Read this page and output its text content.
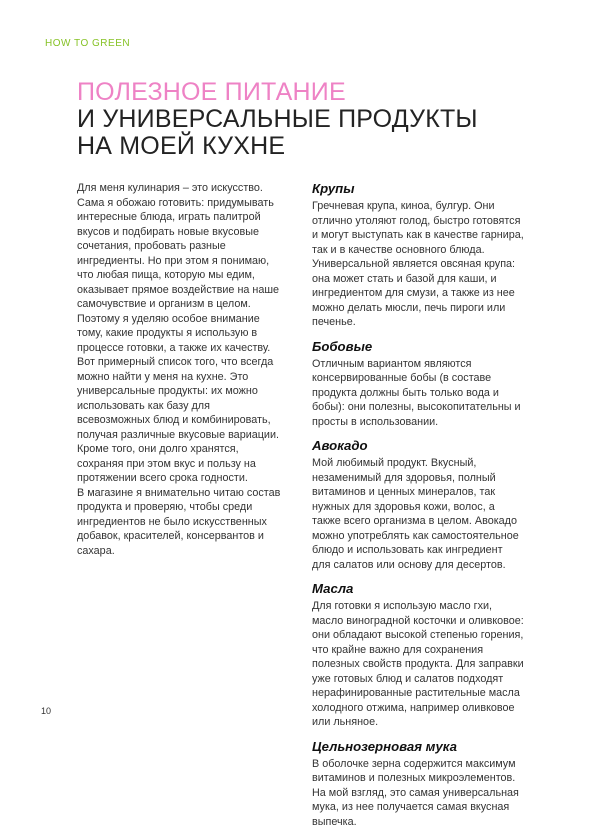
HOW TO GREEN
ПОЛЕЗНОЕ ПИТАНИЕ
И УНИВЕРСАЛЬНЫЕ ПРОДУКТЫ
НА МОЕЙ КУХНЕ

Для меня кулинария – это искусство. Сама я обожаю готовить: придумывать интересные блюда, играть палитрой вкусов и подбирать новые вкусовые сочетания, пробовать разные ингредиенты. Но при этом я понимаю, что любая пища, которую мы едим, оказывает прямое воздействие на наше самочувствие и организм в целом. Поэтому я уделяю особое внимание тому, какие продукты я использую в процессе готовки, а также их качеству. Вот примерный список того, что всегда можно найти у меня на кухне. Это универсальные продукты: их можно использовать как базу для всевозможных блюд и комбинировать, получая различные вкусовые вариации. Кроме того, они долго хранятся, сохраняя при этом вкус и пользу на протяжении всего срока годности.

В магазине я внимательно читаю состав продукта и проверяю, чтобы среди ингредиентов не было искусственных добавок, красителей, консервантов и сахара.

Крупы

Гречневая крупа, киноа, булгур. Они отлично утоляют голод, быстро готовятся и могут выступать как в качестве гарнира, так и в качестве основного блюда. Универсальной является овсяная крупа: она может стать и базой для каши, и ингредиентом для смузи, а также из нее можно делать мюсли, печь пироги или печенье.

Бобовые

Отличным вариантом являются консервированные бобы (в составе продукта должны быть только вода и бобы): они полезны, высокопитательны и просты в использовании.

Авокадо

Мой любимый продукт. Вкусный, незаменимый для здоровья, полный витаминов и ценных минералов, так нужных для здоровья кожи, волос, а также всего организма в целом. Авокадо можно употреблять как самостоятельное блюдо и использовать как ингредиент для салатов или основу для десертов.

Масла

Для готовки я использую масло гхи, масло виноградной косточки и оливковое: они обладают высокой степенью горения, что крайне важно для сохранения полезных свойств продукта. Для заправки уже готовых блюд и салатов подходят нерафинированные растительные масла холодного отжима, например оливковое или льняное.

Цельнозерновая мука

В оболочке зерна содержится максимум витаминов и полезных микроэлементов. На мой взгляд, это самая универсальная мука, из нее получается самая вкусная выпечка.

10
